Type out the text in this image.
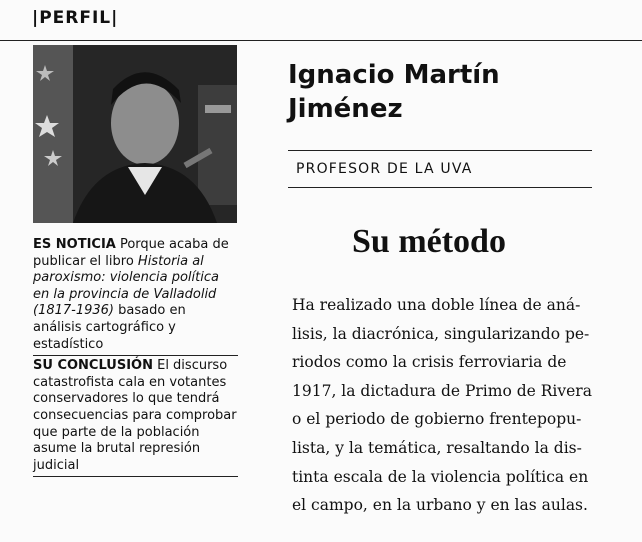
|PERFIL|
ES NOTICIA Porque acaba de publicar el libro Historia al paroxismo: violencia política en la provincia de Valladolid (1817-1936) basado en análisis cartográfico y estadístico
SU CONCLUSIÓN El discurso catastrofista cala en votantes conservadores lo que tendrá consecuencias para comprobar que parte de la población asume la brutal represión judicial
Ignacio Martín
Jiménez
PROFESOR DE LA UVA
Su método
Ha realizado una doble línea de aná-
lisis, la diacrónica, singularizando pe-
riodos como la crisis ferroviaria de
1917, la dictadura de Primo de Rivera
o el periodo de gobierno frentepopu-
lista, y la temática, resaltando la dis-
tinta escala de la violencia política en
el campo, en la urbano y en las aulas.
